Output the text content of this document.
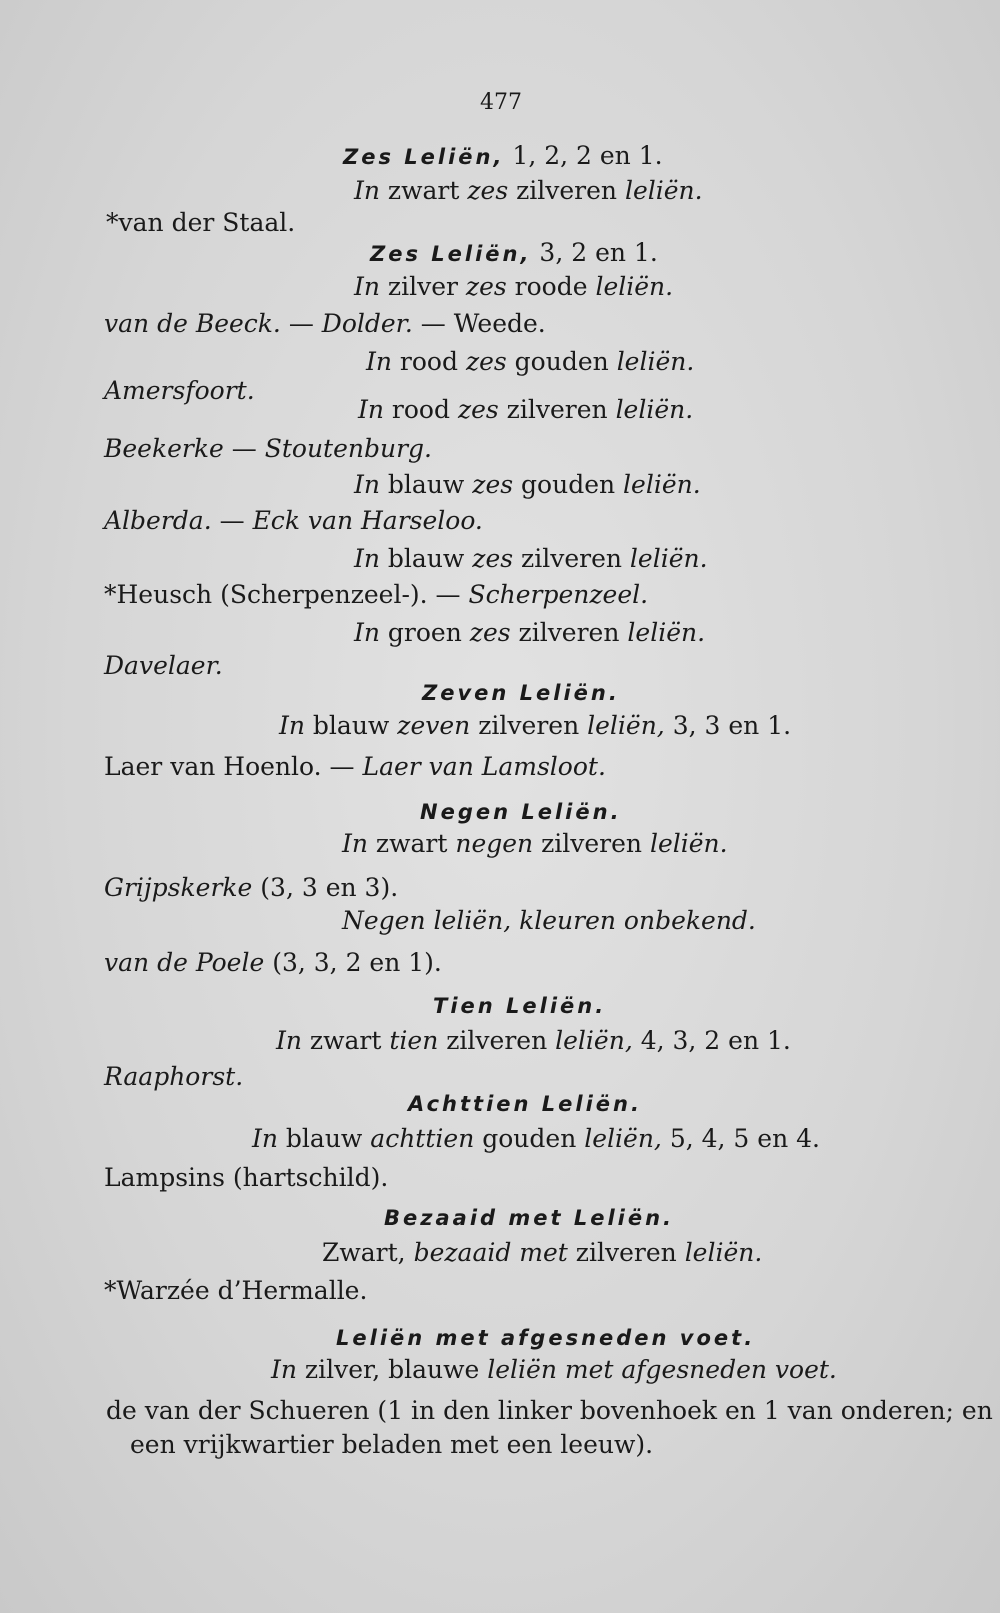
477
Zes Leliën, 1, 2, 2 en 1.
In zwart zes zilveren leliën.
*van der Staal.
Zes Leliën, 3, 2 en 1.
In zilver zes roode leliën.
van de Beeck. — Dolder. — Weede.
In rood zes gouden leliën.
Amersfoort.
In rood zes zilveren leliën.
Beekerke — Stoutenburg.
In blauw zes gouden leliën.
Alberda. — Eck van Harseloo.
In blauw zes zilveren leliën.
*Heusch (Scherpenzeel-). — Scherpenzeel.
In groen zes zilveren leliën.
Davelaer.
Zeven Leliën.
In blauw zeven zilveren leliën, 3, 3 en 1.
Laer van Hoenlo. — Laer van Lamsloot.
Negen Leliën.
In zwart negen zilveren leliën.
Grijpskerke (3, 3 en 3).
Negen leliën, kleuren onbekend.
van de Poele (3, 3, 2 en 1).
Tien Leliën.
In zwart tien zilveren leliën, 4, 3, 2 en 1.
Raaphorst.
Achttien Leliën.
In blauw achttien gouden leliën, 5, 4, 5 en 4.
Lampsins (hartschild).
Bezaaid met Leliën.
Zwart, bezaaid met zilveren leliën.
*Warzée d’Hermalle.
Leliën met afgesneden voet.
In zilver, blauwe leliën met afgesneden voet.
de van der Schueren (1 in den linker bovenhoek en 1 van onderen; en
een vrijkwartier beladen met een leeuw).
